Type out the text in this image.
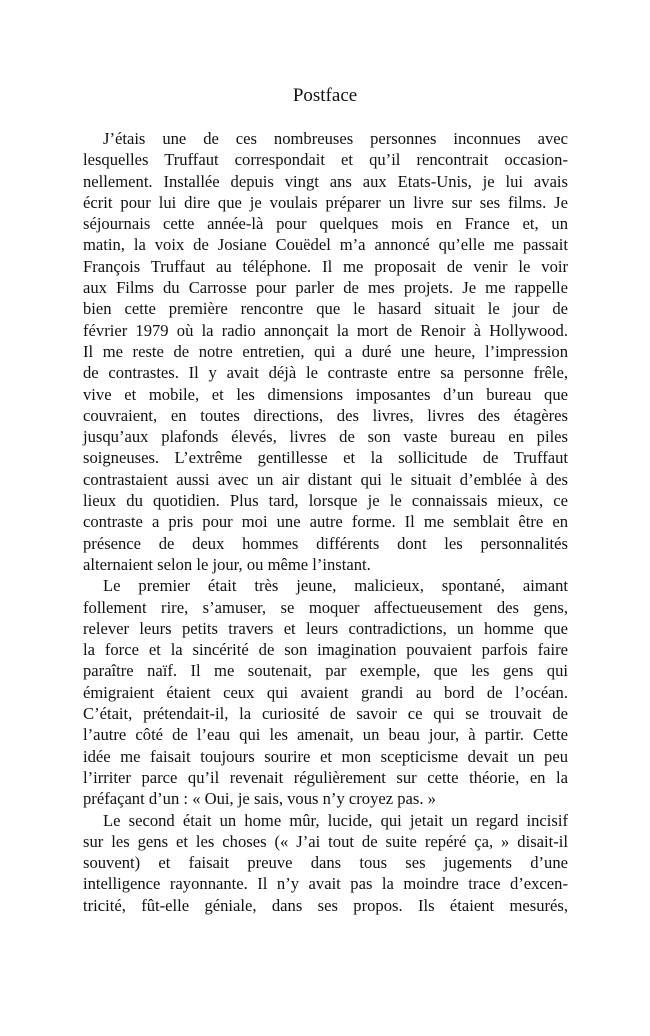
Postface
J’étais une de ces nombreuses personnes inconnues avec
lesquelles Truffaut correspondait et qu’il rencontrait occasion-
nellement. Installée depuis vingt ans aux Etats-Unis, je lui avais
écrit pour lui dire que je voulais préparer un livre sur ses films. Je
séjournais cette année-là pour quelques mois en France et, un
matin, la voix de Josiane Couëdel m’a annoncé qu’elle me passait
François Truffaut au téléphone. Il me proposait de venir le voir
aux Films du Carrosse pour parler de mes projets. Je me rappelle
bien cette première rencontre que le hasard situait le jour de
février 1979 où la radio annonçait la mort de Renoir à Hollywood.
Il me reste de notre entretien, qui a duré une heure, l’impression
de contrastes. Il y avait déjà le contraste entre sa personne frêle,
vive et mobile, et les dimensions imposantes d’un bureau que
couvraient, en toutes directions, des livres, livres des étagères
jusqu’aux plafonds élevés, livres de son vaste bureau en piles
soigneuses. L’extrême gentillesse et la sollicitude de Truffaut
contrastaient aussi avec un air distant qui le situait d’emblée à des
lieux du quotidien. Plus tard, lorsque je le connaissais mieux, ce
contraste a pris pour moi une autre forme. Il me semblait être en
présence de deux hommes différents dont les personnalités
alternaient selon le jour, ou même l’instant.
Le premier était très jeune, malicieux, spontané, aimant
follement rire, s’amuser, se moquer affectueusement des gens,
relever leurs petits travers et leurs contradictions, un homme que
la force et la sincérité de son imagination pouvaient parfois faire
paraître naïf. Il me soutenait, par exemple, que les gens qui
émigraient étaient ceux qui avaient grandi au bord de l’océan.
C’était, prétendait-il, la curiosité de savoir ce qui se trouvait de
l’autre côté de l’eau qui les amenait, un beau jour, à partir. Cette
idée me faisait toujours sourire et mon scepticisme devait un peu
l’irriter parce qu’il revenait régulièrement sur cette théorie, en la
préfaçant d’un : « Oui, je sais, vous n’y croyez pas. »
Le second était un home mûr, lucide, qui jetait un regard incisif
sur les gens et les choses (« J’ai tout de suite repéré ça, » disait-il
souvent) et faisait preuve dans tous ses jugements d’une
intelligence rayonnante. Il n’y avait pas la moindre trace d’excen-
tricité, fût-elle géniale, dans ses propos. Ils étaient mesurés,
